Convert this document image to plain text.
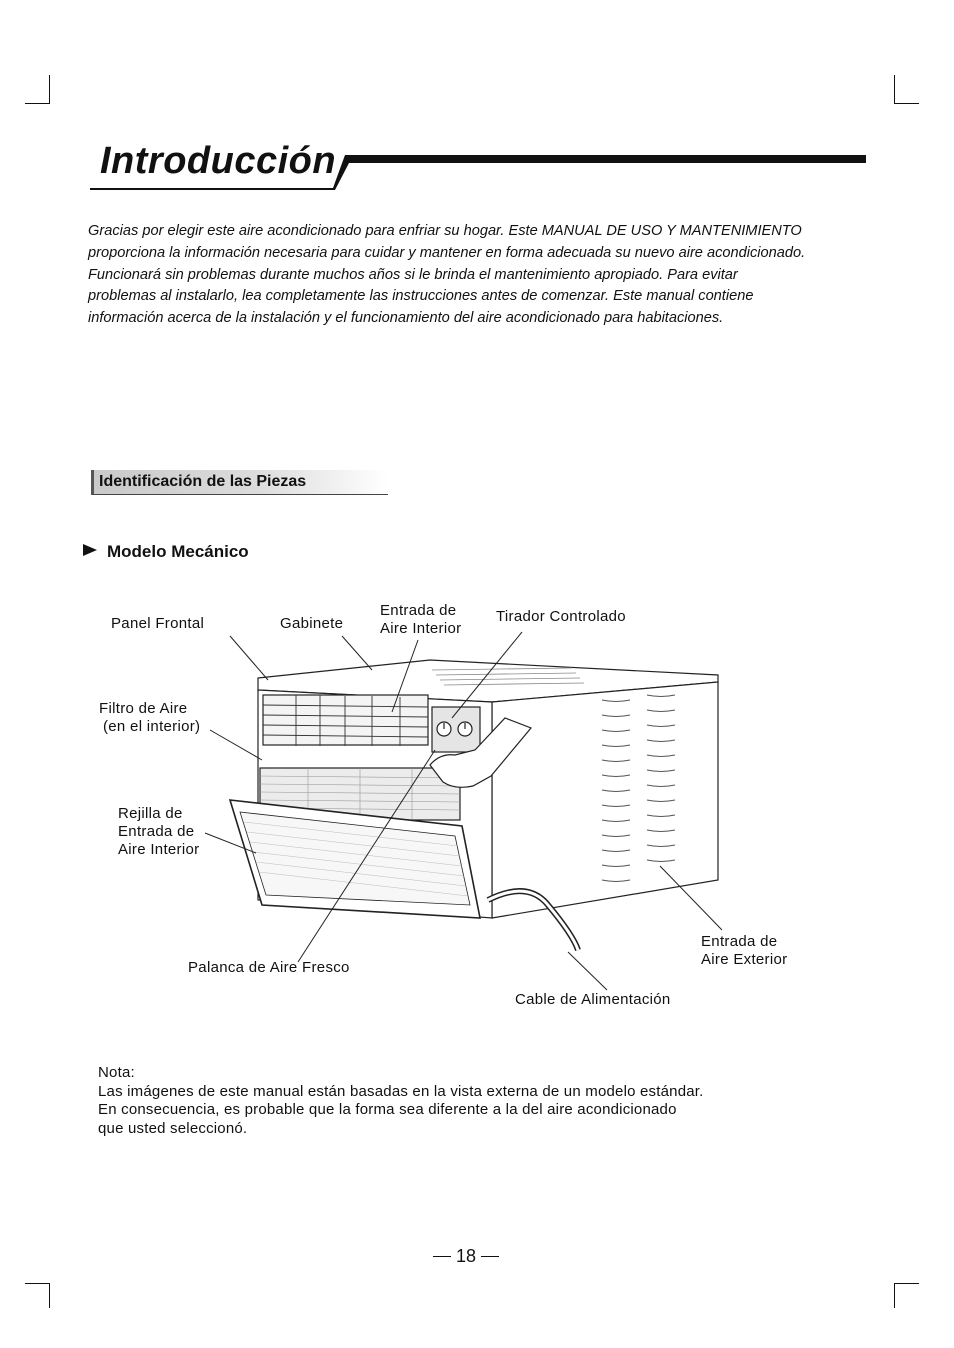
Introducción

Gracias por elegir este aire acondicionado para enfriar su hogar. Este MANUAL DE USO Y MANTENIMIENTO

proporciona la información necesaria para cuidar y mantener en forma adecuada su nuevo aire acondicionado.

Funcionará sin problemas durante muchos años si le brinda el mantenimiento apropiado. Para evitar

problemas al instalarlo, lea completamente las instrucciones antes de comenzar. Este manual contiene

información acerca de la instalación y el funcionamiento del aire acondicionado para habitaciones.

Identificación de las Piezas
Modelo Mecánico
Panel Frontal	Gabinete
Entrada de
Aire Interior
Tirador Controlado
Filtro de Aire
(en el interior)
Rejilla de
Entrada de
Aire Interior
Palanca de Aire Fresco
Cable de Alimentación
Entrada de
Aire Exterior
Nota:
Las imágenes de este manual están basadas en la vista externa de un modelo estándar.
En consecuencia, es probable que la forma sea diferente a la del aire acondicionado
que usted seleccionó.
18
